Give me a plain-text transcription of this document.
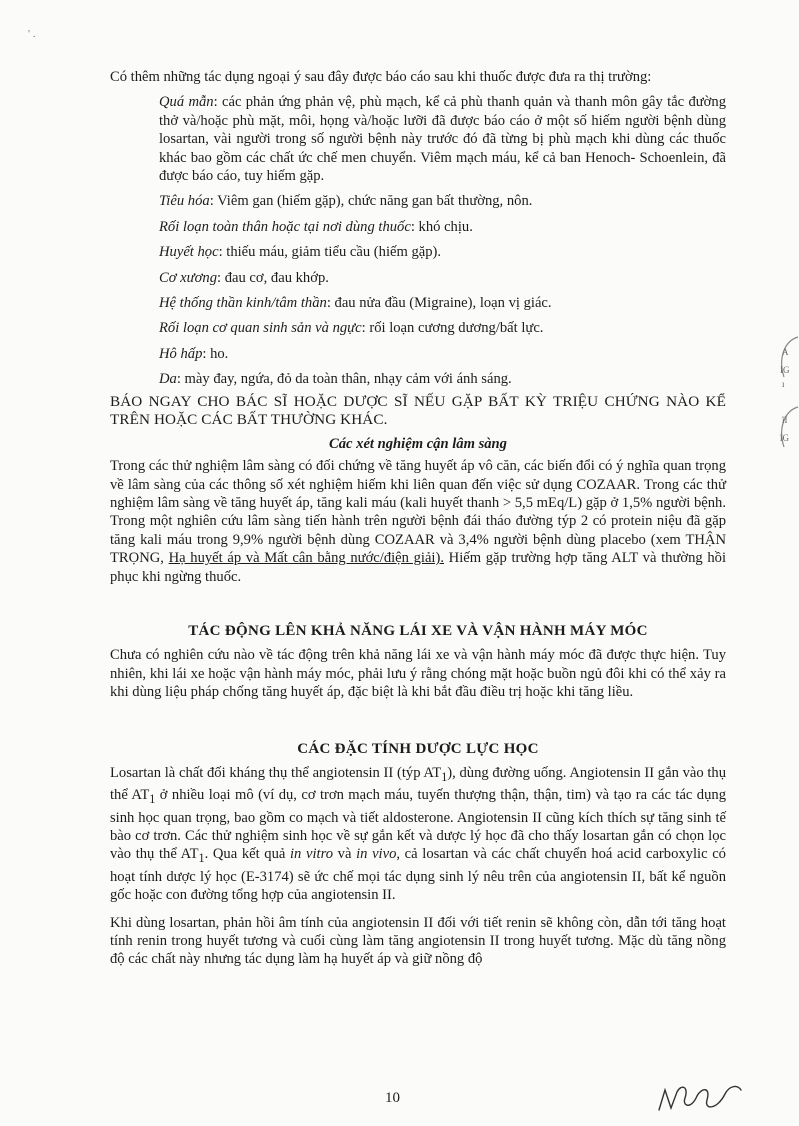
' .

Có thêm những tác dụng ngoại ý sau đây được báo cáo sau khi thuốc được đưa ra thị trường:

Quá mẫn: các phản ứng phản vệ, phù mạch, kể cả phù thanh quản và thanh môn gây tắc đường thở và/hoặc phù mặt, môi, họng và/hoặc lưỡi đã được báo cáo ở một số hiếm người bệnh dùng losartan, vài người trong số người bệnh này trước đó đã từng bị phù mạch khi dùng các thuốc khác bao gồm các chất ức chế men chuyển. Viêm mạch máu, kể cả ban Henoch- Schoenlein, đã được báo cáo, tuy hiếm gặp.

Tiêu hóa: Viêm gan (hiếm gặp), chức năng gan bất thường, nôn.

Rối loạn toàn thân hoặc tại nơi dùng thuốc: khó chịu.

Huyết học: thiếu máu, giảm tiểu cầu (hiếm gặp).

Cơ xương: đau cơ, đau khớp.

Hệ thống thần kinh/tâm thần: đau nửa đầu (Migraine), loạn vị giác.

Rối loạn cơ quan sinh sản và ngực: rối loạn cương dương/bất lực.

Hô hấp: ho.

Da: mày đay, ngứa, đỏ da toàn thân, nhạy cảm với ánh sáng.

BÁO NGAY CHO BÁC SĨ HOẶC DƯỢC SĨ NẾU GẶP BẤT KỲ TRIỆU CHỨNG NÀO KỂ TRÊN HOẶC CÁC BẤT THƯỜNG KHÁC.

Các xét nghiệm cận lâm sàng

Trong các thử nghiệm lâm sàng có đối chứng về tăng huyết áp vô căn, các biến đổi có ý nghĩa quan trọng về lâm sàng của các thông số xét nghiệm hiếm khi liên quan đến việc sử dụng COZAAR. Trong các thử nghiệm lâm sàng về tăng huyết áp, tăng kali máu (kali huyết thanh > 5,5 mEq/L) gặp ở 1,5% người bệnh. Trong một nghiên cứu lâm sàng tiến hành trên người bệnh đái tháo đường týp 2 có protein niệu đã gặp tăng kali máu trong 9,9% người bệnh dùng COZAAR và 3,4% người bệnh dùng placebo (xem THẬN TRỌNG, Hạ huyết áp và Mất cân bằng nước/điện giải). Hiếm gặp trường hợp tăng ALT và thường hồi phục khi ngừng thuốc.

TÁC ĐỘNG LÊN KHẢ NĂNG LÁI XE VÀ VẬN HÀNH MÁY MÓC

Chưa có nghiên cứu nào về tác động trên khả năng lái xe và vận hành máy móc đã được thực hiện. Tuy nhiên, khi lái xe hoặc vận hành máy móc, phải lưu ý rằng chóng mặt hoặc buồn ngủ đôi khi có thể xảy ra khi dùng liệu pháp chống tăng huyết áp, đặc biệt là khi bắt đầu điều trị hoặc khi tăng liều.

CÁC ĐẶC TÍNH DƯỢC LỰC HỌC

Losartan là chất đối kháng thụ thể angiotensin II (týp $AT_1$), dùng đường uống. Angiotensin II gắn vào thụ thể $AT_1$ ở nhiều loại mô (ví dụ, cơ trơn mạch máu, tuyến thượng thận, thận, tim) và tạo ra các tác dụng sinh học quan trọng, bao gồm co mạch và tiết aldosterone. Angiotensin II cũng kích thích sự tăng sinh tế bào cơ trơn. Các thử nghiệm sinh học về sự gắn kết và dược lý học đã cho thấy losartan gắn có chọn lọc vào thụ thể $AT_1$. Qua kết quả in vitro và in vivo, cả losartan và các chất chuyển hoá acid carboxylic có hoạt tính dược lý học (E-3174) sẽ ức chế mọi tác dụng sinh lý nêu trên của angiotensin II, bất kể nguồn gốc hoặc con đường tổng hợp của angiotensin II.

Khi dùng losartan, phản hồi âm tính của angiotensin II đối với tiết renin sẽ không còn, dẫn tới tăng hoạt tính renin trong huyết tương và cuối cùng làm tăng angiotensin II trong huyết tương. Mặc dù tăng nồng độ các chất này nhưng tác dụng làm hạ huyết áp và giữ nồng độ

A
IG
ı
ĩI
ĩG
10
